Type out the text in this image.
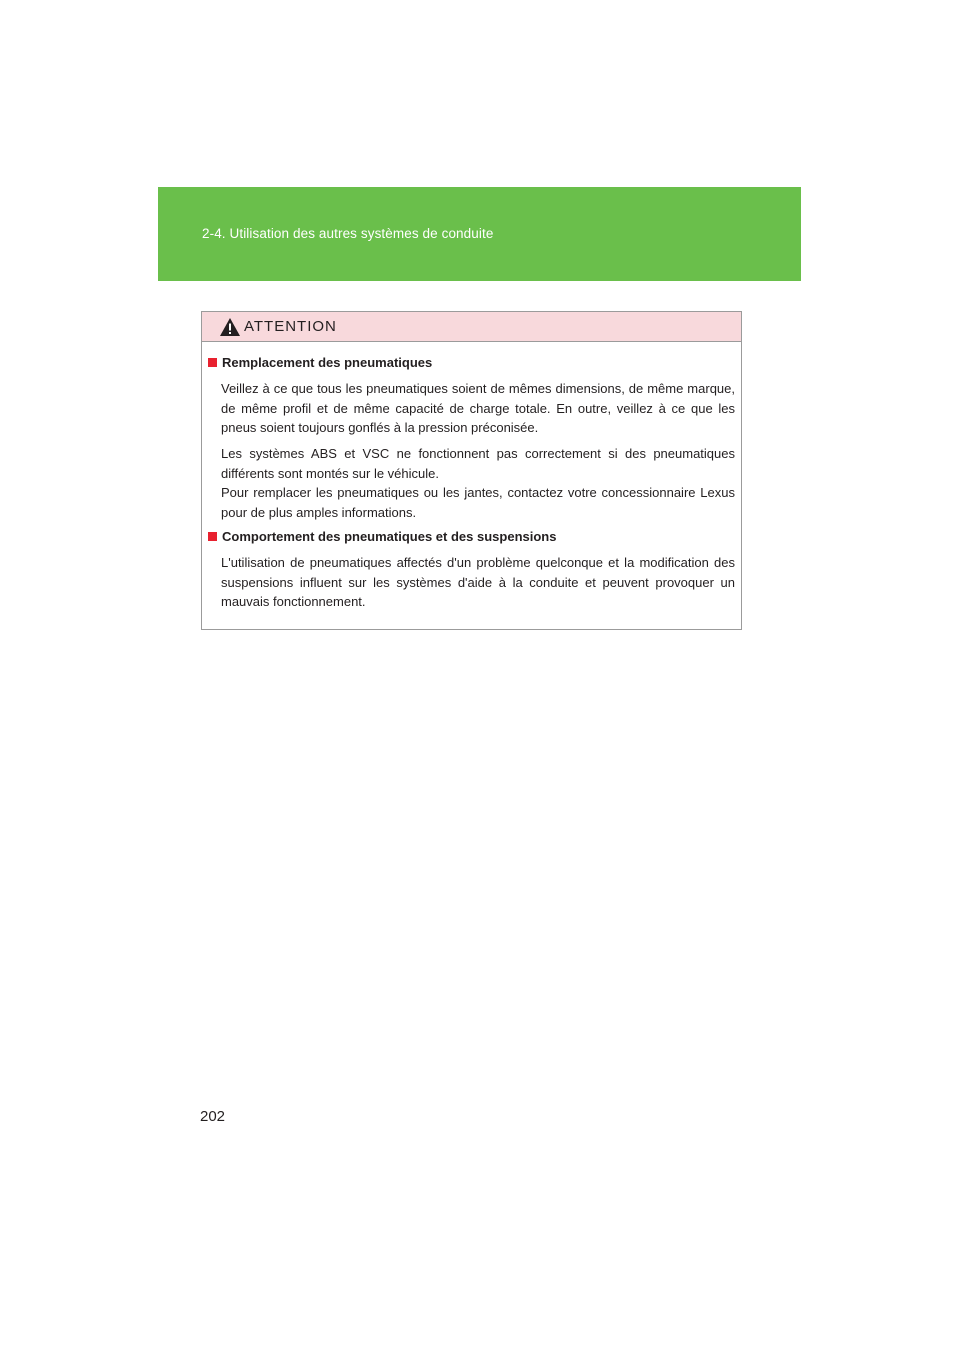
2-4. Utilisation des autres systèmes de conduite
ATTENTION
Remplacement des pneumatiques
Veillez à ce que tous les pneumatiques soient de mêmes dimensions, de même marque, de même profil et de même capacité de charge totale. En outre, veillez à ce que les pneus soient toujours gonflés à la pression préconisée.
Les systèmes ABS et VSC ne fonctionnent pas correctement si des pneumatiques différents sont montés sur le véhicule.
Pour remplacer les pneumatiques ou les jantes, contactez votre concessionnaire Lexus pour de plus amples informations.
Comportement des pneumatiques et des suspensions
L'utilisation de pneumatiques affectés d'un problème quelconque et la modification des suspensions influent sur les systèmes d'aide à la conduite et peuvent provoquer un mauvais fonctionnement.
202
